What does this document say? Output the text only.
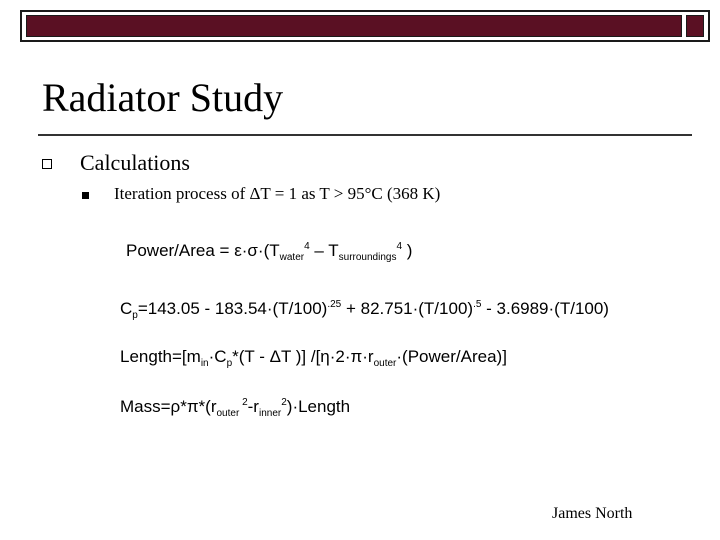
Radiator Study
Calculations
Iteration process of ΔT = 1 as T > 95°C (368 K)
Power/Area = $\varepsilon\cdot\sigma\cdot(T_{water}^4 - T_{surroundings}^4$ )
$C_p=143.05 - 183.54\cdot(T/100)^{.25} + 82.751\cdot(T/100)^{.5} - 3.6989\cdot(T/100)$
$Length=[m_{in}\cdot C_p*(T - \Delta T$ )] $/[\eta\cdot 2\cdot\pi\cdot r_{outer}\cdot(Power/Area)]$
$Mass=\rho*\pi*(r_{outer}$ $^2-r_{inner}^2)\cdot Length$
James North
